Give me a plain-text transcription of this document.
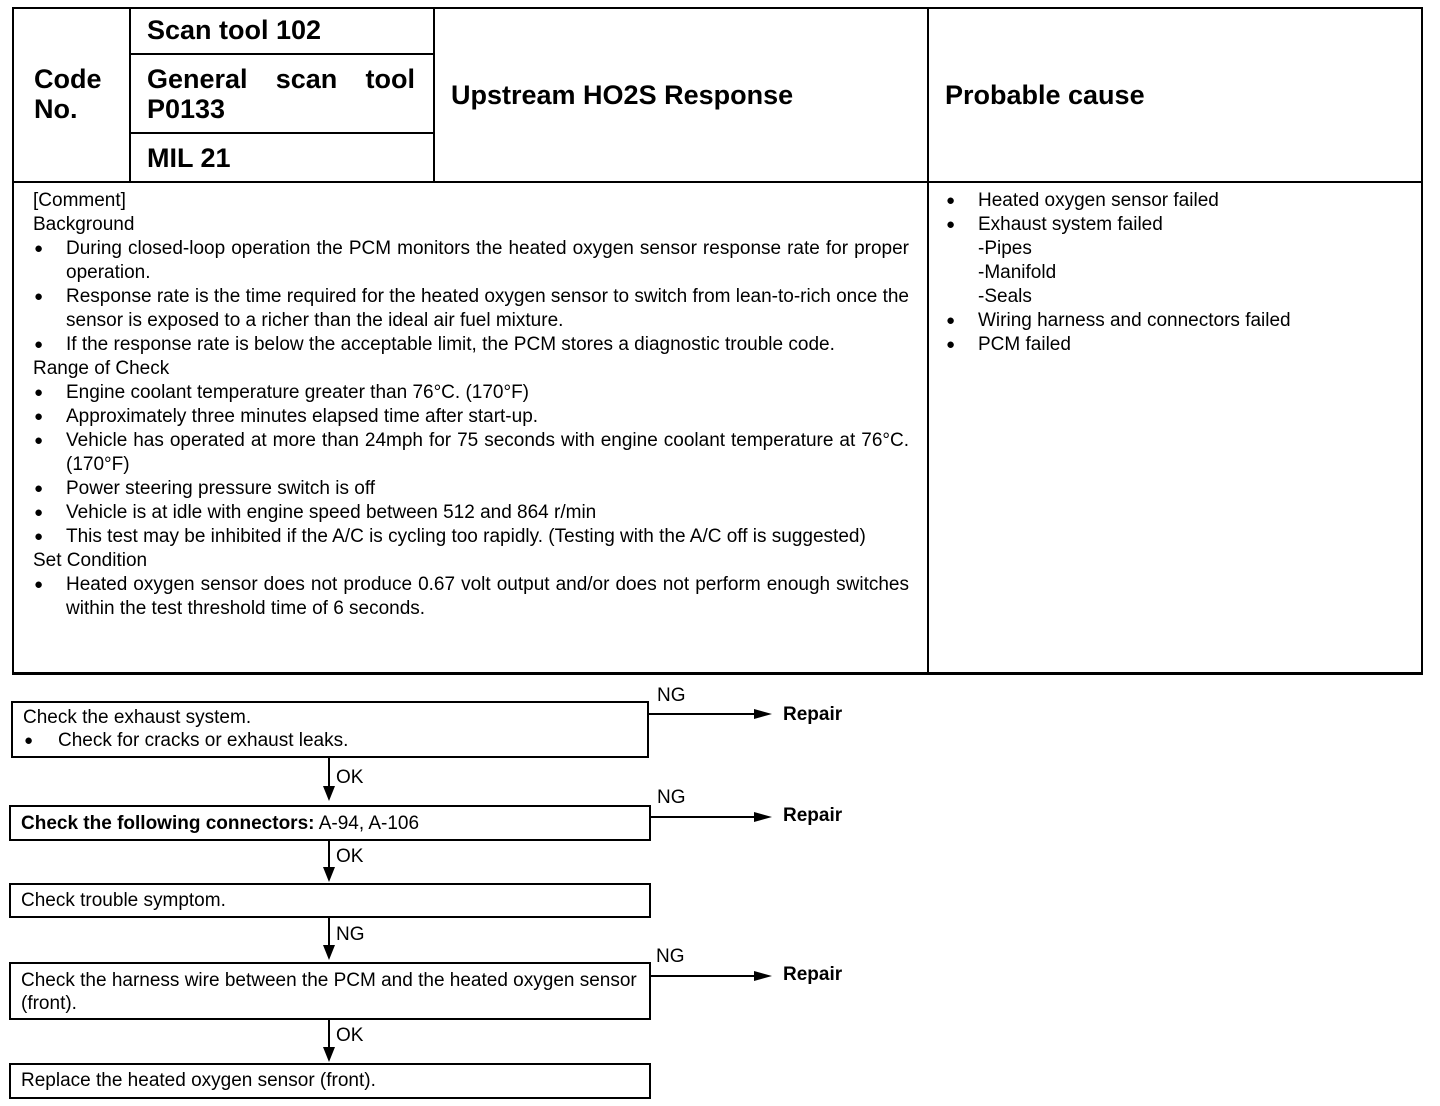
Code No.
Scan tool 102
General scan tool P0133
MIL 21
Upstream HO2S Response	Probable cause
[Comment]
Background
● During closed-loop operation the PCM monitors the heated oxygen sensor response rate for proper operation.
● Response rate is the time required for the heated oxygen sensor to switch from lean-to-rich once the sensor is exposed to a richer than the ideal air fuel mixture.
● If the response rate is below the acceptable limit, the PCM stores a diagnostic trouble code.
Range of Check
● Engine coolant temperature greater than 76°C. (170°F)
● Approximately three minutes elapsed time after start-up.
● Vehicle has operated at more than 24mph for 75 seconds with engine coolant temperature at 76°C. (170°F)
● Power steering pressure switch is off
● Vehicle is at idle with engine speed between 512 and 864 r/min
● This test may be inhibited if the A/C is cycling too rapidly. (Testing with the A/C off is suggested)
Set Condition
● Heated oxygen sensor does not produce 0.67 volt output and/or does not perform enough switches within the test threshold time of 6 seconds.
● Heated oxygen sensor failed
● Exhaust system failed
-Pipes
-Manifold
-Seals
● Wiring harness and connectors failed
● PCM failed
Check the exhaust system.
● Check for cracks or exhaust leaks.
Check the following connectors: A-94, A-106
Check trouble symptom.
Check the harness wire between the PCM and the heated oxygen sensor (front).
Replace the heated oxygen sensor (front).
NG
NG
NG
OK
OK
NG
OK
Repair
Repair
Repair
